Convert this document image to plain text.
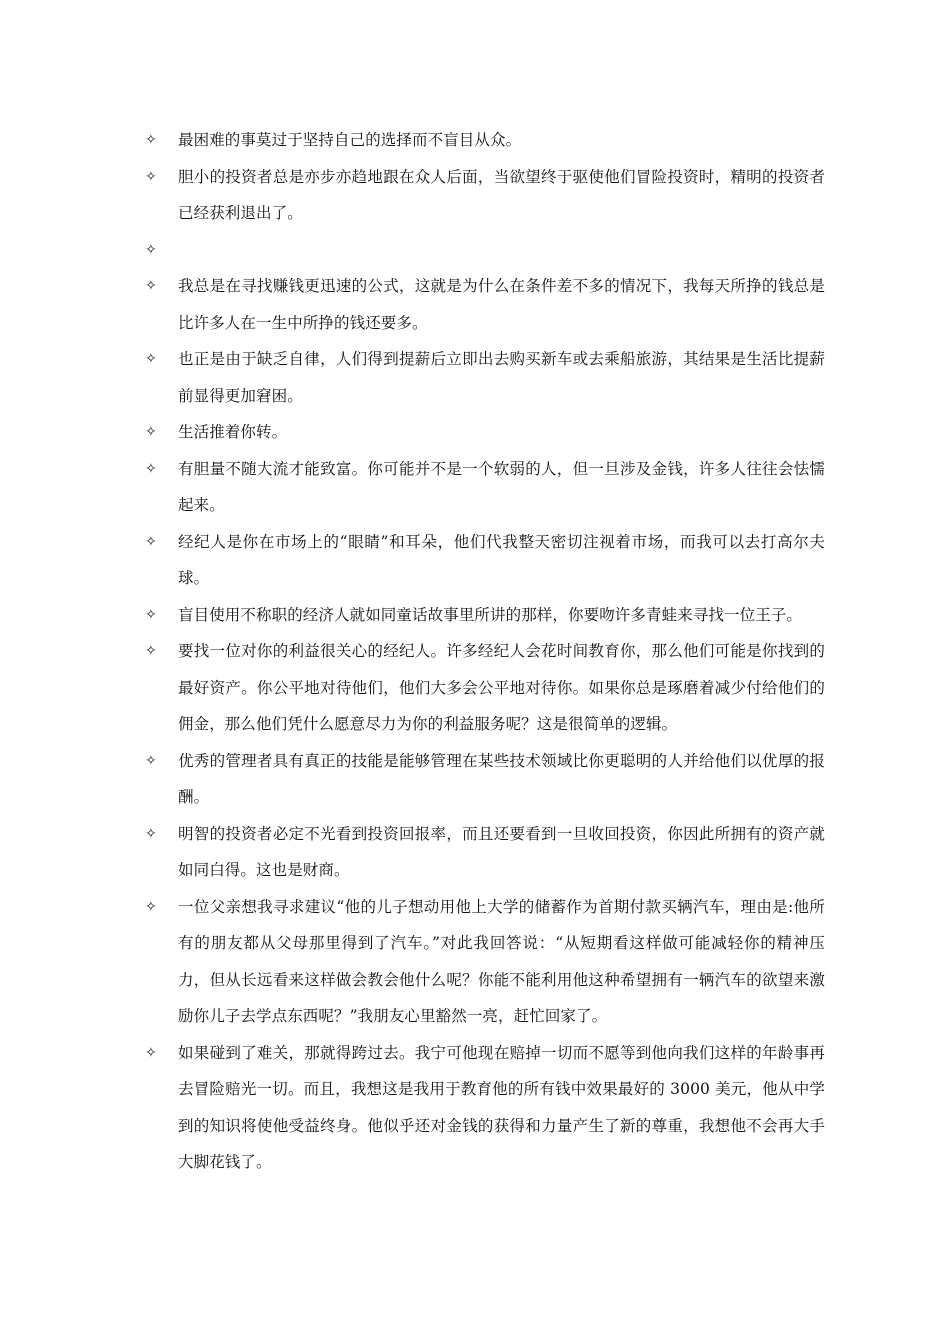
✧	最困难的事莫过于坚持自己的选择而不盲目从众。
✧	胆小的投资者总是亦步亦趋地跟在众人后面，当欲望终于驱使他们冒险投资时，精明的投资者已经获利退出了。
✧
✧	我总是在寻找赚钱更迅速的公式，这就是为什么在条件差不多的情况下，我每天所挣的钱总是比许多人在一生中所挣的钱还要多。
✧	也正是由于缺乏自律，人们得到提薪后立即出去购买新车或去乘船旅游，其结果是生活比提薪前显得更加窘困。
✧	生活推着你转。
✧	有胆量不随大流才能致富。你可能并不是一个软弱的人，但一旦涉及金钱，许多人往往会怯懦起来。
✧	经纪人是你在市场上的“眼睛”和耳朵，他们代我整天密切注视着市场，而我可以去打高尔夫球。
✧	盲目使用不称职的经济人就如同童话故事里所讲的那样，你要吻许多青蛙来寻找一位王子。
✧	要找一位对你的利益很关心的经纪人。许多经纪人会花时间教育你，那么他们可能是你找到的最好资产。你公平地对待他们，他们大多会公平地对待你。如果你总是琢磨着减少付给他们的佣金，那么他们凭什么愿意尽力为你的利益服务呢？这是很简单的逻辑。
✧	优秀的管理者具有真正的技能是能够管理在某些技术领域比你更聪明的人并给他们以优厚的报酬。
✧	明智的投资者必定不光看到投资回报率，而且还要看到一旦收回投资，你因此所拥有的资产就如同白得。这也是财商。
✧	一位父亲想我寻求建议“他的儿子想动用他上大学的储蓄作为首期付款买辆汽车，理由是:他所有的朋友都从父母那里得到了汽车。”对此我回答说：“从短期看这样做可能减轻你的精神压力，但从长远看来这样做会教会他什么呢？你能不能利用他这种希望拥有一辆汽车的欲望来激励你儿子去学点东西呢？”我朋友心里豁然一亮，赶忙回家了。
✧	如果碰到了难关，那就得跨过去。我宁可他现在赔掉一切而不愿等到他向我们这样的年龄事再去冒险赔光一切。而且，我想这是我用于教育他的所有钱中效果最好的 3000 美元，他从中学到的知识将使他受益终身。他似乎还对金钱的获得和力量产生了新的尊重，我想他不会再大手大脚花钱了。
